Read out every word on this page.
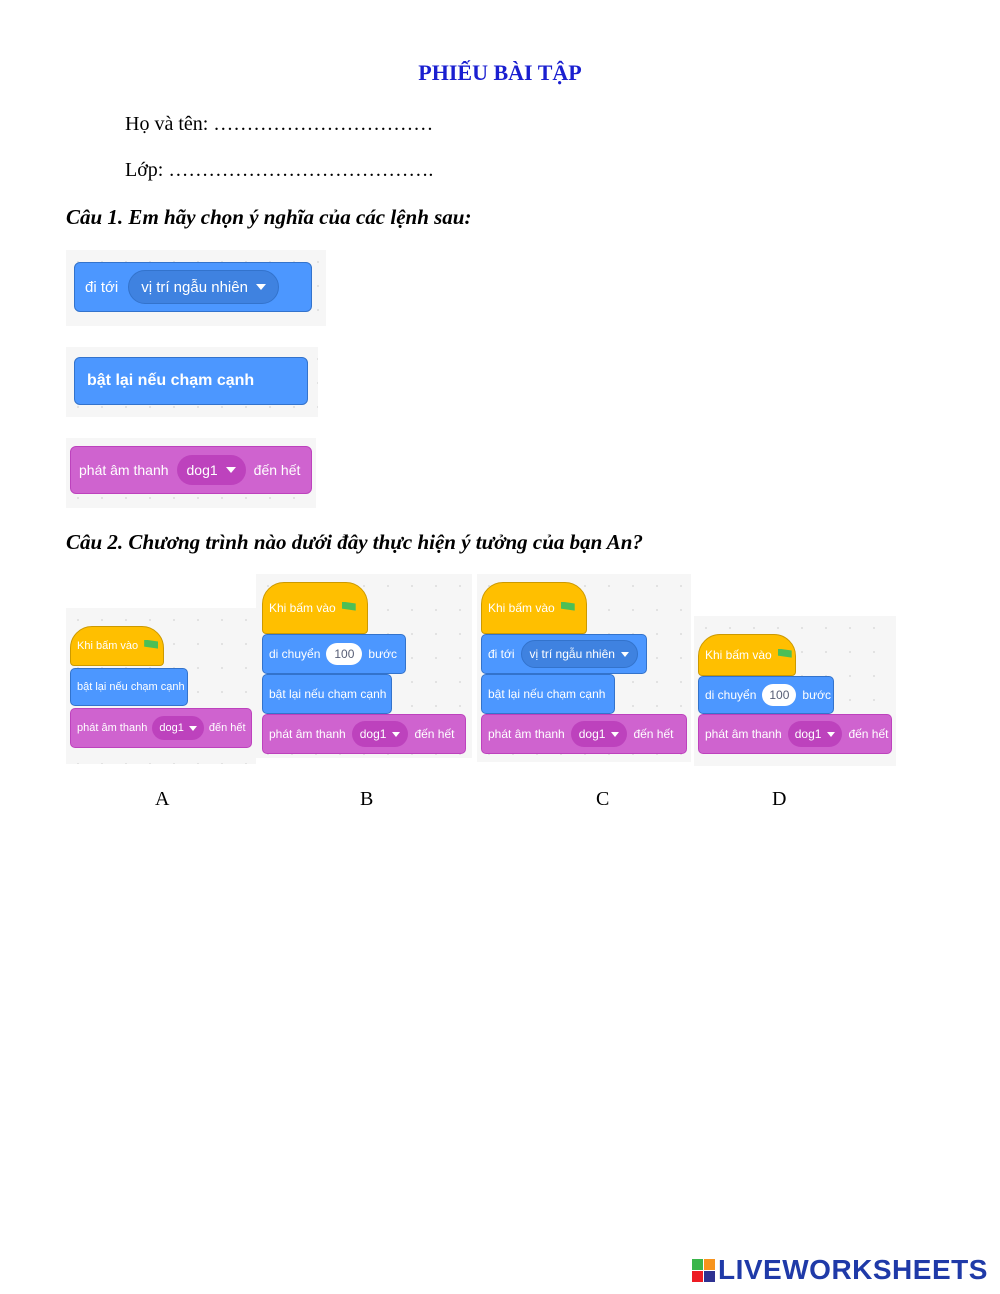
PHIẾU BÀI TẬP
Họ và tên: ……………………………
Lớp: ………………………………….
Câu 1. Em hãy chọn ý nghĩa của các lệnh sau:
đi tới vị trí ngẫu nhiên
bật lại nếu chạm cạnh
phát âm thanh dog1	đến hết
Câu 2. Chương trình nào dưới đây thực hiện ý tưởng của bạn An?
Khi bấm vào
bật lại nếu chạm cạnh
phát âm thanh dog1 đến hết
Khi bấm vào
di chuyển	100	bước
bật lại nếu chạm cạnh
phát âm thanh dog1 đến hết
Khi bấm vào
đi tới vị trí ngẫu nhiên
bật lại nếu chạm cạnh
phát âm thanh dog1 đến hết
Khi bấm vào
di chuyển	100	bước
phát âm thanh dog1 đến hết
A	B	C	D
LIVEWORKSHEETS
